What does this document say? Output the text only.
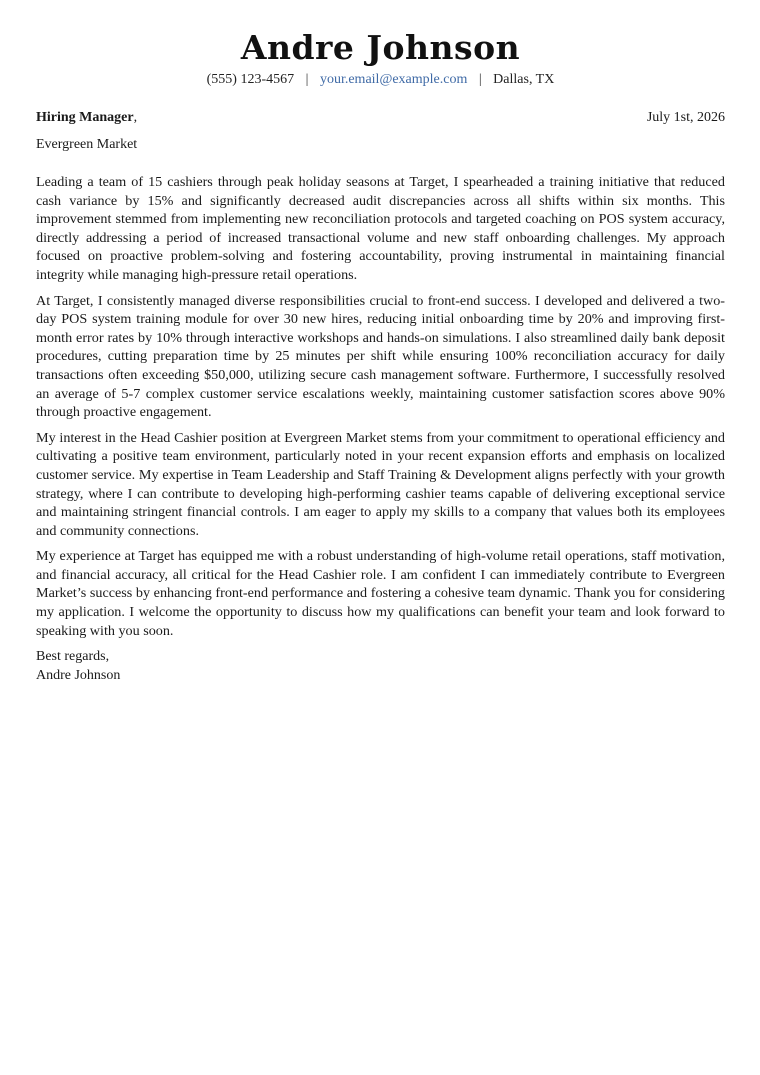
Andre Johnson
(555) 123-4567 | your.email@example.com | Dallas, TX
Hiring Manager,	July 1st, 2026
Evergreen Market

Leading a team of 15 cashiers through peak holiday seasons at Target, I spearheaded a training initiative that reduced cash variance by 15% and significantly decreased audit discrepancies across all shifts within six months. This improvement stemmed from implementing new reconciliation protocols and targeted coaching on POS system accuracy, directly addressing a period of increased transactional volume and new staff onboarding challenges. My approach focused on proactive problem-solving and fostering accountability, proving instrumental in maintaining financial integrity while managing high-pressure retail operations.

At Target, I consistently managed diverse responsibilities crucial to front-end success. I developed and delivered a two-day POS system training module for over 30 new hires, reducing initial onboarding time by 20% and improving first-month error rates by 10% through interactive workshops and hands-on simulations. I also streamlined daily bank deposit procedures, cutting preparation time by 25 minutes per shift while ensuring 100% reconciliation accuracy for daily transactions often exceeding $50,000, utilizing secure cash management software. Furthermore, I successfully resolved an average of 5-7 complex customer service escalations weekly, maintaining customer satisfaction scores above 90% through proactive engagement.

My interest in the Head Cashier position at Evergreen Market stems from your commitment to operational efficiency and cultivating a positive team environment, particularly noted in your recent expansion efforts and emphasis on localized customer service. My expertise in Team Leadership and Staff Training & Development aligns perfectly with your growth strategy, where I can contribute to developing high-performing cashier teams capable of delivering exceptional service and maintaining stringent financial controls. I am eager to apply my skills to a company that values both its employees and community connections.

My experience at Target has equipped me with a robust understanding of high-volume retail operations, staff motivation, and financial accuracy, all critical for the Head Cashier role. I am confident I can immediately contribute to Evergreen Market’s success by enhancing front-end performance and fostering a cohesive team dynamic. Thank you for considering my application. I welcome the opportunity to discuss how my qualifications can benefit your team and look forward to speaking with you soon.

Best regards,
Andre Johnson
